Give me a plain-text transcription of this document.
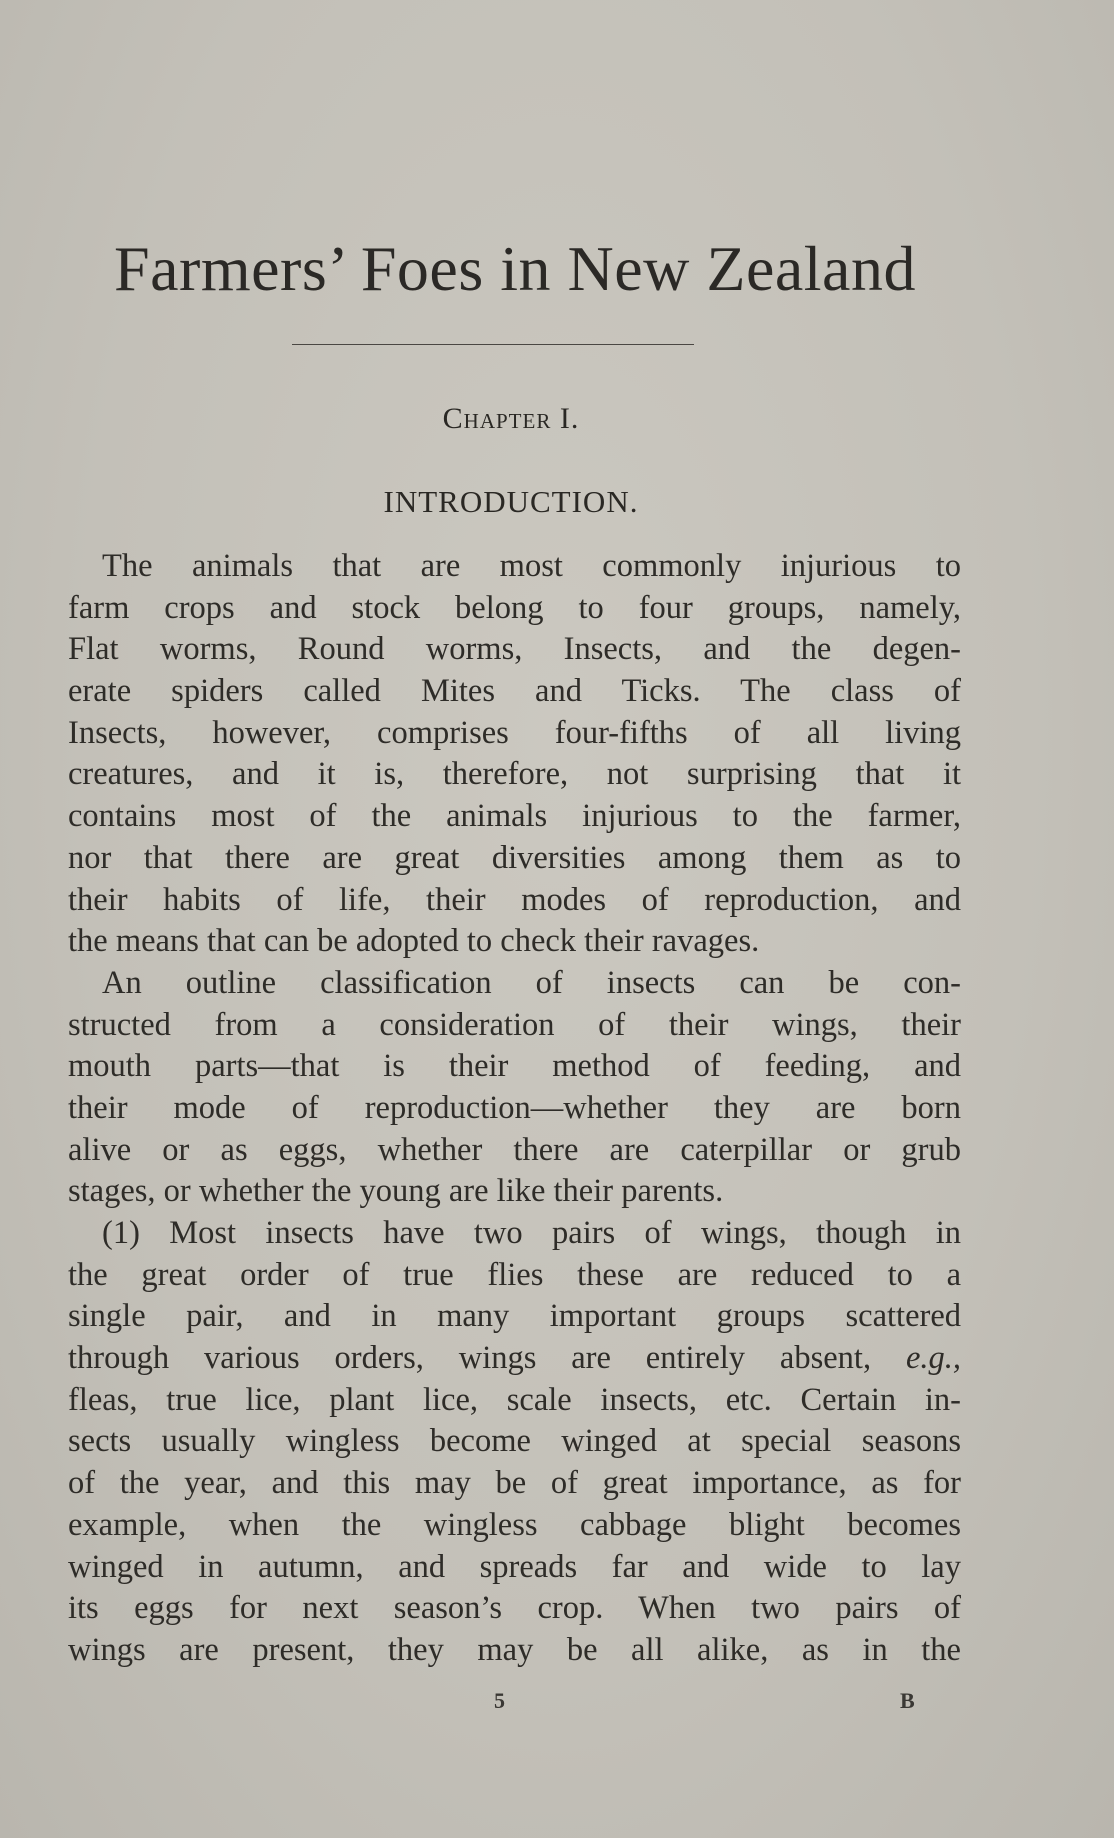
Farmers’ Foes in New Zealand
Chapter I.
INTRODUCTION.
The animals that are most commonly injurious to
farm crops and stock belong to four groups, namely,
Flat worms, Round worms, Insects, and the degen-
erate spiders called Mites and Ticks. The class of
Insects, however, comprises four-fifths of all living
creatures, and it is, therefore, not surprising that it
contains most of the animals injurious to the farmer,
nor that there are great diversities among them as to
their habits of life, their modes of reproduction, and
the means that can be adopted to check their ravages.
An outline classification of insects can be con-
structed from a consideration of their wings, their
mouth parts—that is their method of feeding, and
their mode of reproduction—whether they are born
alive or as eggs, whether there are caterpillar or grub
stages, or whether the young are like their parents.
(1) Most insects have two pairs of wings, though in
the great order of true flies these are reduced to a
single pair, and in many important groups scattered
through various orders, wings are entirely absent, e.g.,
fleas, true lice, plant lice, scale insects, etc. Certain in-
sects usually wingless become winged at special seasons
of the year, and this may be of great importance, as for
example, when the wingless cabbage blight becomes
winged in autumn, and spreads far and wide to lay
its eggs for next season’s crop. When two pairs of
wings are present, they may be all alike, as in the
5	B
